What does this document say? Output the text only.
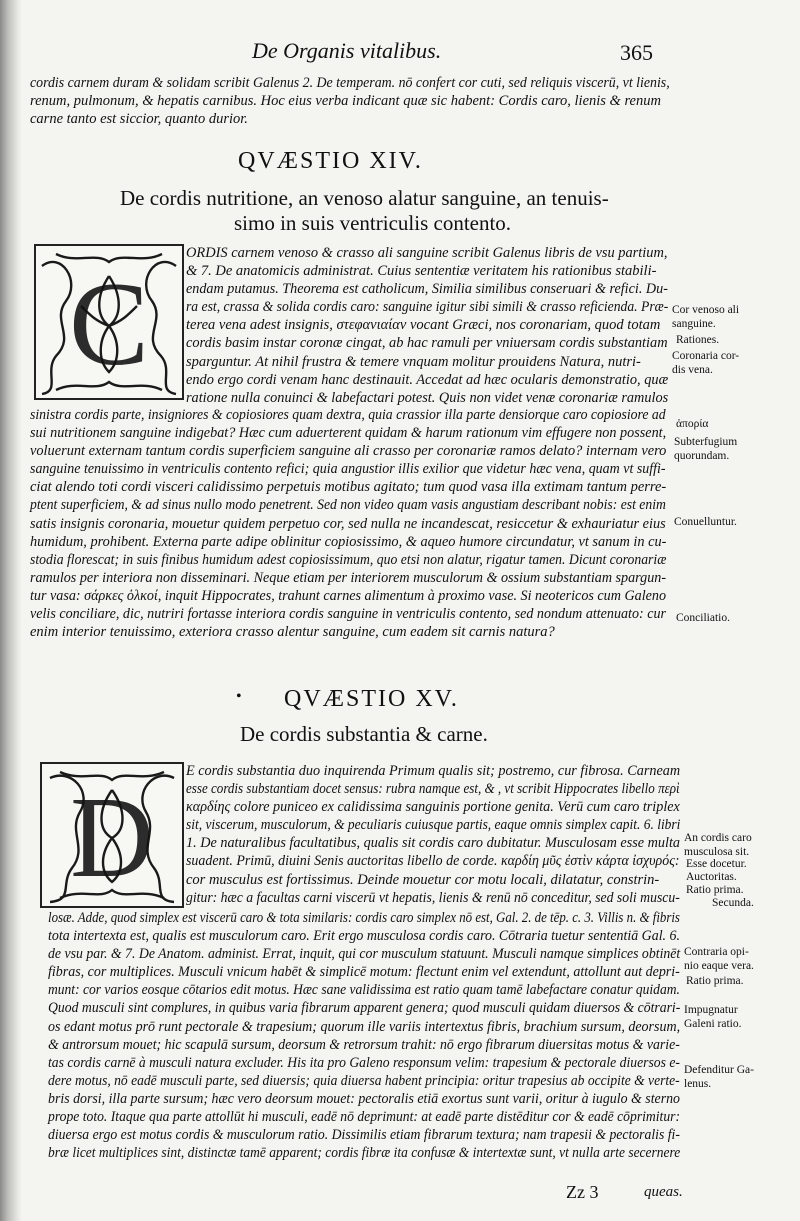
De Organis vitalibus.	365
cordis carnem duram & solidam scribit Galenus 2. De temperam. nō confert cor cuti, sed reliquis viscerū, vt lienis,
renum, pulmonum, & hepatis carnibus. Hoc eius verba indicant quæ sic habent: Cordis caro, lienis & renum
carne tanto est siccior, quanto durior.
QVÆSTIO XIV.
De cordis nutritione, an venoso alatur sanguine, an tenuis-
simo in suis ventriculis contento.
C
ORDIS carnem venoso & crasso ali sanguine scribit Galenus libris de vsu partium,
& 7. De anatomicis administrat. Cuius sententiæ veritatem his rationibus stabili-
endam putamus. Theorema est catholicum, Similia similibus conseruari & refici. Du-
ra est, crassa & solida cordis caro: sanguine igitur sibi simili & crasso reficienda. Præ-
terea vena adest insignis, στεφανιαίαν vocant Græci, nos coronariam, quod totam
cordis basim instar coronæ cingat, ab hac ramuli per vniuersam cordis substantiam
sparguntur. At nihil frustra & temere vnquam molitur prouidens Natura, nutri-
endo ergo cordi venam hanc destinauit. Accedat ad hæc ocularis demonstratio, quæ
ratione nulla conuinci & labefactari potest. Quis non videt venæ coronariæ ramulos
sinistra cordis parte, insigniores & copiosiores quam dextra, quia crassior illa parte densiorque caro copiosiore ad
sui nutritionem sanguine indigebat? Hæc cum aduerterent quidam & harum rationum vim effugere non possent,
voluerunt externam tantum cordis superficiem sanguine ali crasso per coronariæ ramos delato? internam vero
sanguine tenuissimo in ventriculis contento refici; quia angustior illis exilior que videtur hæc vena, quam vt suffi-
ciat alendo toti cordi visceri calidissimo perpetuis motibus agitato; tum quod vasa illa extimam tantum perre-
ptent superficiem, & ad sinus nullo modo penetrent. Sed non video quam vasis angustiam describant nobis: est enim
satis insignis coronaria, mouetur quidem perpetuo cor, sed nulla ne incandescat, resiccetur & exhauriatur eius
humidum, prohibent. Externa parte adipe oblinitur copiosissimo, & aqueo humore circundatur, vt sanum in cu-
stodia florescat; in suis finibus humidum adest copiosissimum, quo etsi non alatur, rigatur tamen. Dicunt coronariæ
ramulos per interiora non disseminari. Neque etiam per interiorem musculorum & ossium substantiam spargun-
tur vasa: σάρκες ὁλκοί, inquit Hippocrates, trahunt carnes alimentum à proximo vase. Si neotericos cum Galeno
velis conciliare, dic, nutriri fortasse interiora cordis sanguine in ventriculis contento, sed nondum attenuato: cur
enim interior tenuissimo, exteriora crasso alentur sanguine, cum eadem sit carnis natura?
Cor venoso ali
sanguine.
Rationes.
Coronaria cor-
dis vena.
ἀπορία
Subterfugium
quorundam.
Conuelluntur.
Conciliatio.
• QVÆSTIO XV.
De cordis substantia & carne.
D
E cordis substantia duo inquirenda Primum qualis sit; postremo, cur fibrosa. Carneam
esse cordis substantiam docet sensus: rubra namque est, & , vt scribit Hippocrates libello περὶ
καρδίης colore puniceo ex calidissima sanguinis portione genita. Verū cum caro triplex
sit, viscerum, musculorum, & peculiaris cuiusque partis, eaque omnis simplex capit. 6. libri
1. De naturalibus facultatibus, qualis sit cordis caro dubitatur. Musculosam esse multa
suadent. Primū, diuini Senis auctoritas libello de corde. καρδίη μῦς ἐστὶν κάρτα ἰσχυρός:
cor musculus est fortissimus. Deinde mouetur cor motu locali, dilatatur, constrin-
gitur: hæc a facultas carni viscerū vt hepatis, lienis & renū nō conceditur, sed soli muscu-
losæ. Adde, quod simplex est viscerū caro & tota similaris: cordis caro simplex nō est, Gal. 2. de tēp. c. 3. Villis n. & fibris
tota intertexta est, qualis est musculorum caro. Erit ergo musculosa cordis caro. Cōtraria tuetur sententiā Gal. 6.
de vsu par. & 7. De Anatom. administ. Errat, inquit, qui cor musculum statuunt. Musculi namque simplices obtinēt
fibras, cor multiplices. Musculi vnicum habēt & simplicē motum: flectunt enim vel extendunt, attollunt aut depri-
munt: cor varios eosque cōtarios edit motus. Hæc sane validissima est ratio quam tamē labefactare conatur quidam.
Quod musculi sint complures, in quibus varia fibrarum apparent genera; quod musculi quidam diuersos & cōtrari-
os edant motus prō runt pectorale & trapesium; quorum ille variis intertextus fibris, brachium sursum, deorsum,
& antrorsum mouet; hic scapulā sursum, deorsum & retrorsum trahit: nō ergo fibrarum diuersitas motus & varie-
tas cordis carnē à musculi natura excluder. His ita pro Galeno responsum velim: trapesium & pectorale diuersos e-
dere motus, nō eadē musculi parte, sed diuersis; quia diuersa habent principia: oritur trapesius ab occipite & verte-
bris dorsi, illa parte sursum; hæc vero deorsum mouet: pectoralis etiā exortus sunt varii, oritur à iugulo & sterno
prope toto. Itaque qua parte attollūt hi musculi, eadē nō deprimunt: at eadē parte distēditur cor & eadē cōprimitur:
diuersa ergo est motus cordis & musculorum ratio. Dissimilis etiam fibrarum textura; nam trapesii & pectoralis fi-
bræ licet multiplices sint, distinctæ tamē apparent; cordis fibræ ita confusæ & intertextæ sunt, vt nulla arte secernere
An cordis caro
musculosa sit.
Esse docetur.
Auctoritas.
Ratio prima.
Secunda.
Contraria opi-
nio eaque vera.
Ratio prima.
Impugnatur
Galeni ratio.
Defenditur Ga-
lenus.
Zz 3	queas.
